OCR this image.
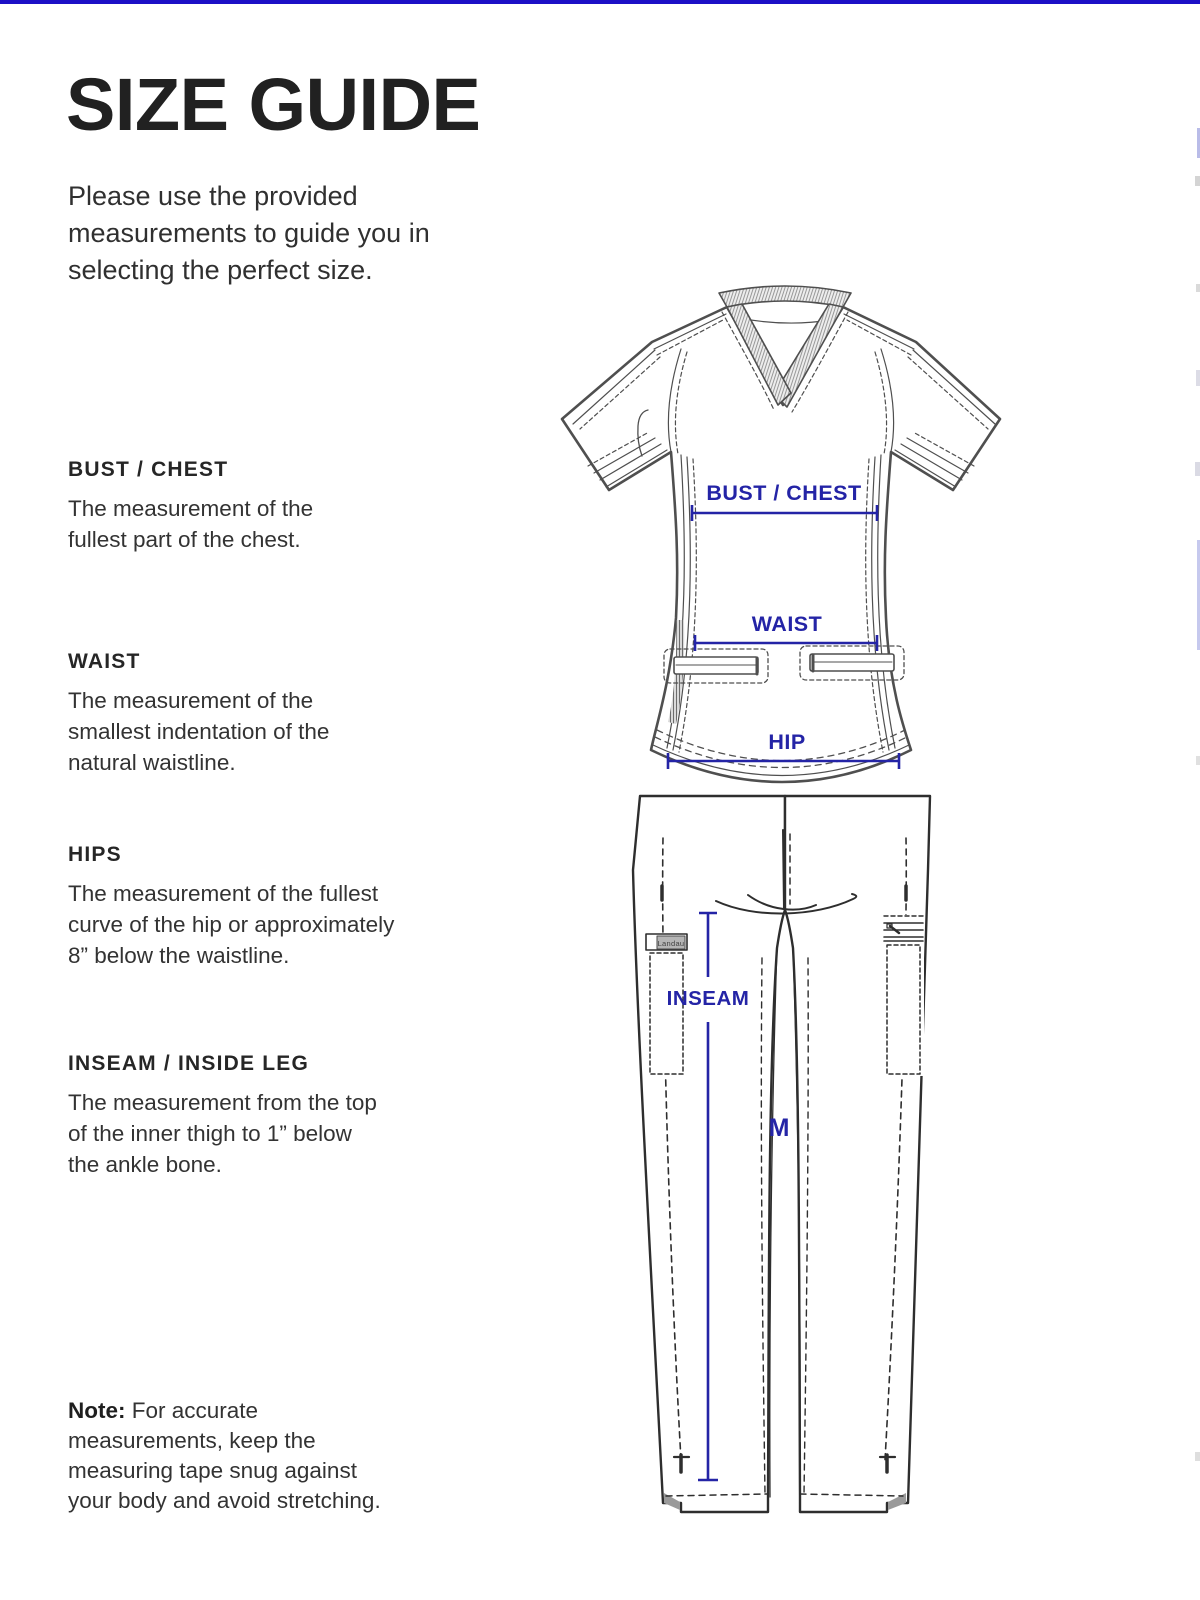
SIZE GUIDE

Please use the provided
measurements to guide you in
selecting the perfect size.

BUST / CHEST
The measurement of the
fullest part of the chest.
WAIST
The measurement of the
smallest indentation of the
natural waistline.
HIPS
The measurement of the fullest
curve of the hip or approximately
8” below the waistline.
INSEAM / INSIDE LEG
The measurement from the top
of the inner thigh to 1” below
the ankle bone.

Note: For accurate
measurements, keep the
measuring tape snug against
your body and avoid stretching.

Landau
BUST / CHEST
WAIST
HIP
INSEAM
M
